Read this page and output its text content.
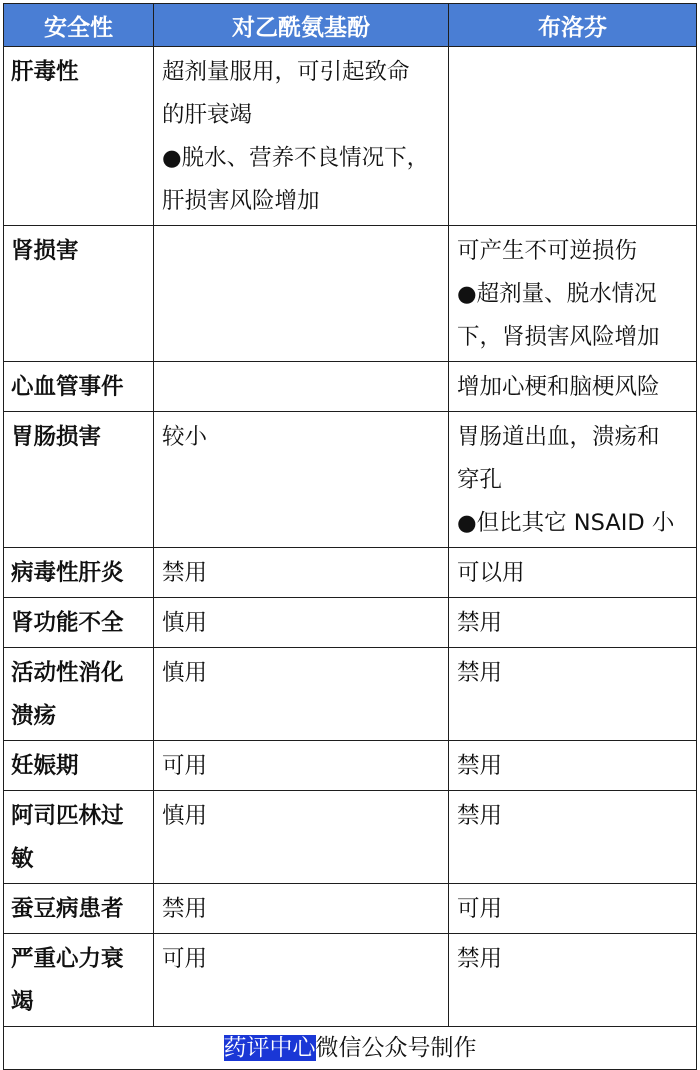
安全性	对乙酰氨基酚	布洛芬

肝毒性	超剂量服用，可引起致命
的肝衰竭
●脱水、营养不良情况下，
肝损害风险增加	

肾损害		可产生不可逆损伤
●超剂量、脱水情况
下，肾损害风险增加

心血管事件		增加心梗和脑梗风险

胃肠损害	较小	胃肠道出血，溃疡和
穿孔
●但比其它 NSAID 小

病毒性肝炎	禁用	可以用

肾功能不全	慎用	禁用

活动性消化
溃疡	慎用	禁用

妊娠期	可用	禁用

阿司匹林过
敏	慎用	禁用

蚕豆病患者	禁用	可用

严重心力衰
竭	可用	禁用

药评中心微信公众号制作		
